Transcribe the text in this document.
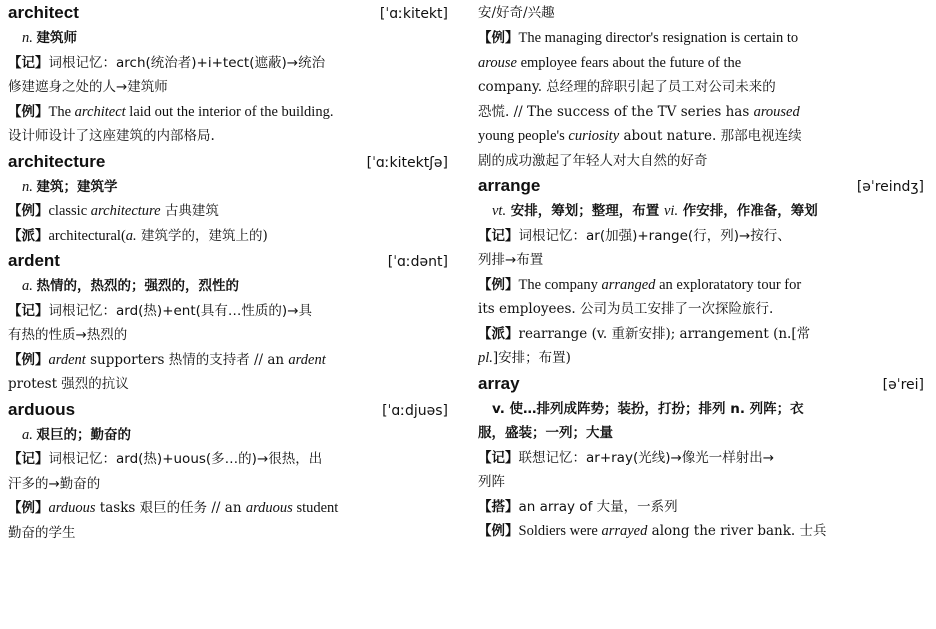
architect	[ˈɑːkitekt]
n. 建筑师
【记】词根记忆：arch(统治者)+i+tect(遮蔽)→统治
修建遮身之处的人→建筑师
【例】The architect laid out the interior of the building.
设计师设计了这座建筑的内部格局.
architecture	[ˈɑːkitektʃə]
n. 建筑；建筑学
【例】classic architecture 古典建筑
【派】architectural(a. 建筑学的，建筑上的)
ardent	[ˈɑːdənt]
a. 热情的，热烈的；强烈的，烈性的
【记】词根记忆：ard(热)+ent(具有…性质的)→具
有热的性质→热烈的
【例】ardent supporters 热情的支持者 // an ardent
protest 强烈的抗议
arduous	[ˈɑːdjuəs]
a. 艰巨的；勤奋的
【记】词根记忆：ard(热)+uous(多…的)→很热，出
汗多的→勤奋的
【例】arduous tasks 艰巨的任务 // an arduous student
勤奋的学生
安/好奇/兴趣
【例】The managing director's resignation is certain to
arouse employee fears about the future of the
company. 总经理的辞职引起了员工对公司未来的
恐慌. // The success of the TV series has aroused
young people's curiosity about nature. 那部电视连续
剧的成功激起了年轻人对大自然的好奇
arrange	[əˈreindʒ]
vt. 安排，筹划；整理，布置 vi. 作安排，作准备，筹划
【记】词根记忆：ar(加强)+range(行，列)→按行、
列排→布置
【例】The company arranged an exploratatory tour for
its employees. 公司为员工安排了一次探险旅行.
【派】rearrange (v. 重新安排); arrangement (n.[常
pl.]安排；布置)
array	[əˈrei]
v. 使…排列成阵势；装扮，打扮；排列 n. 列阵；衣
服，盛装；一列；大量
【记】联想记忆：ar+ray(光线)→像光一样射出→
列阵
【搭】an array of 大量，一系列
【例】Soldiers were arrayed along the river bank. 士兵
